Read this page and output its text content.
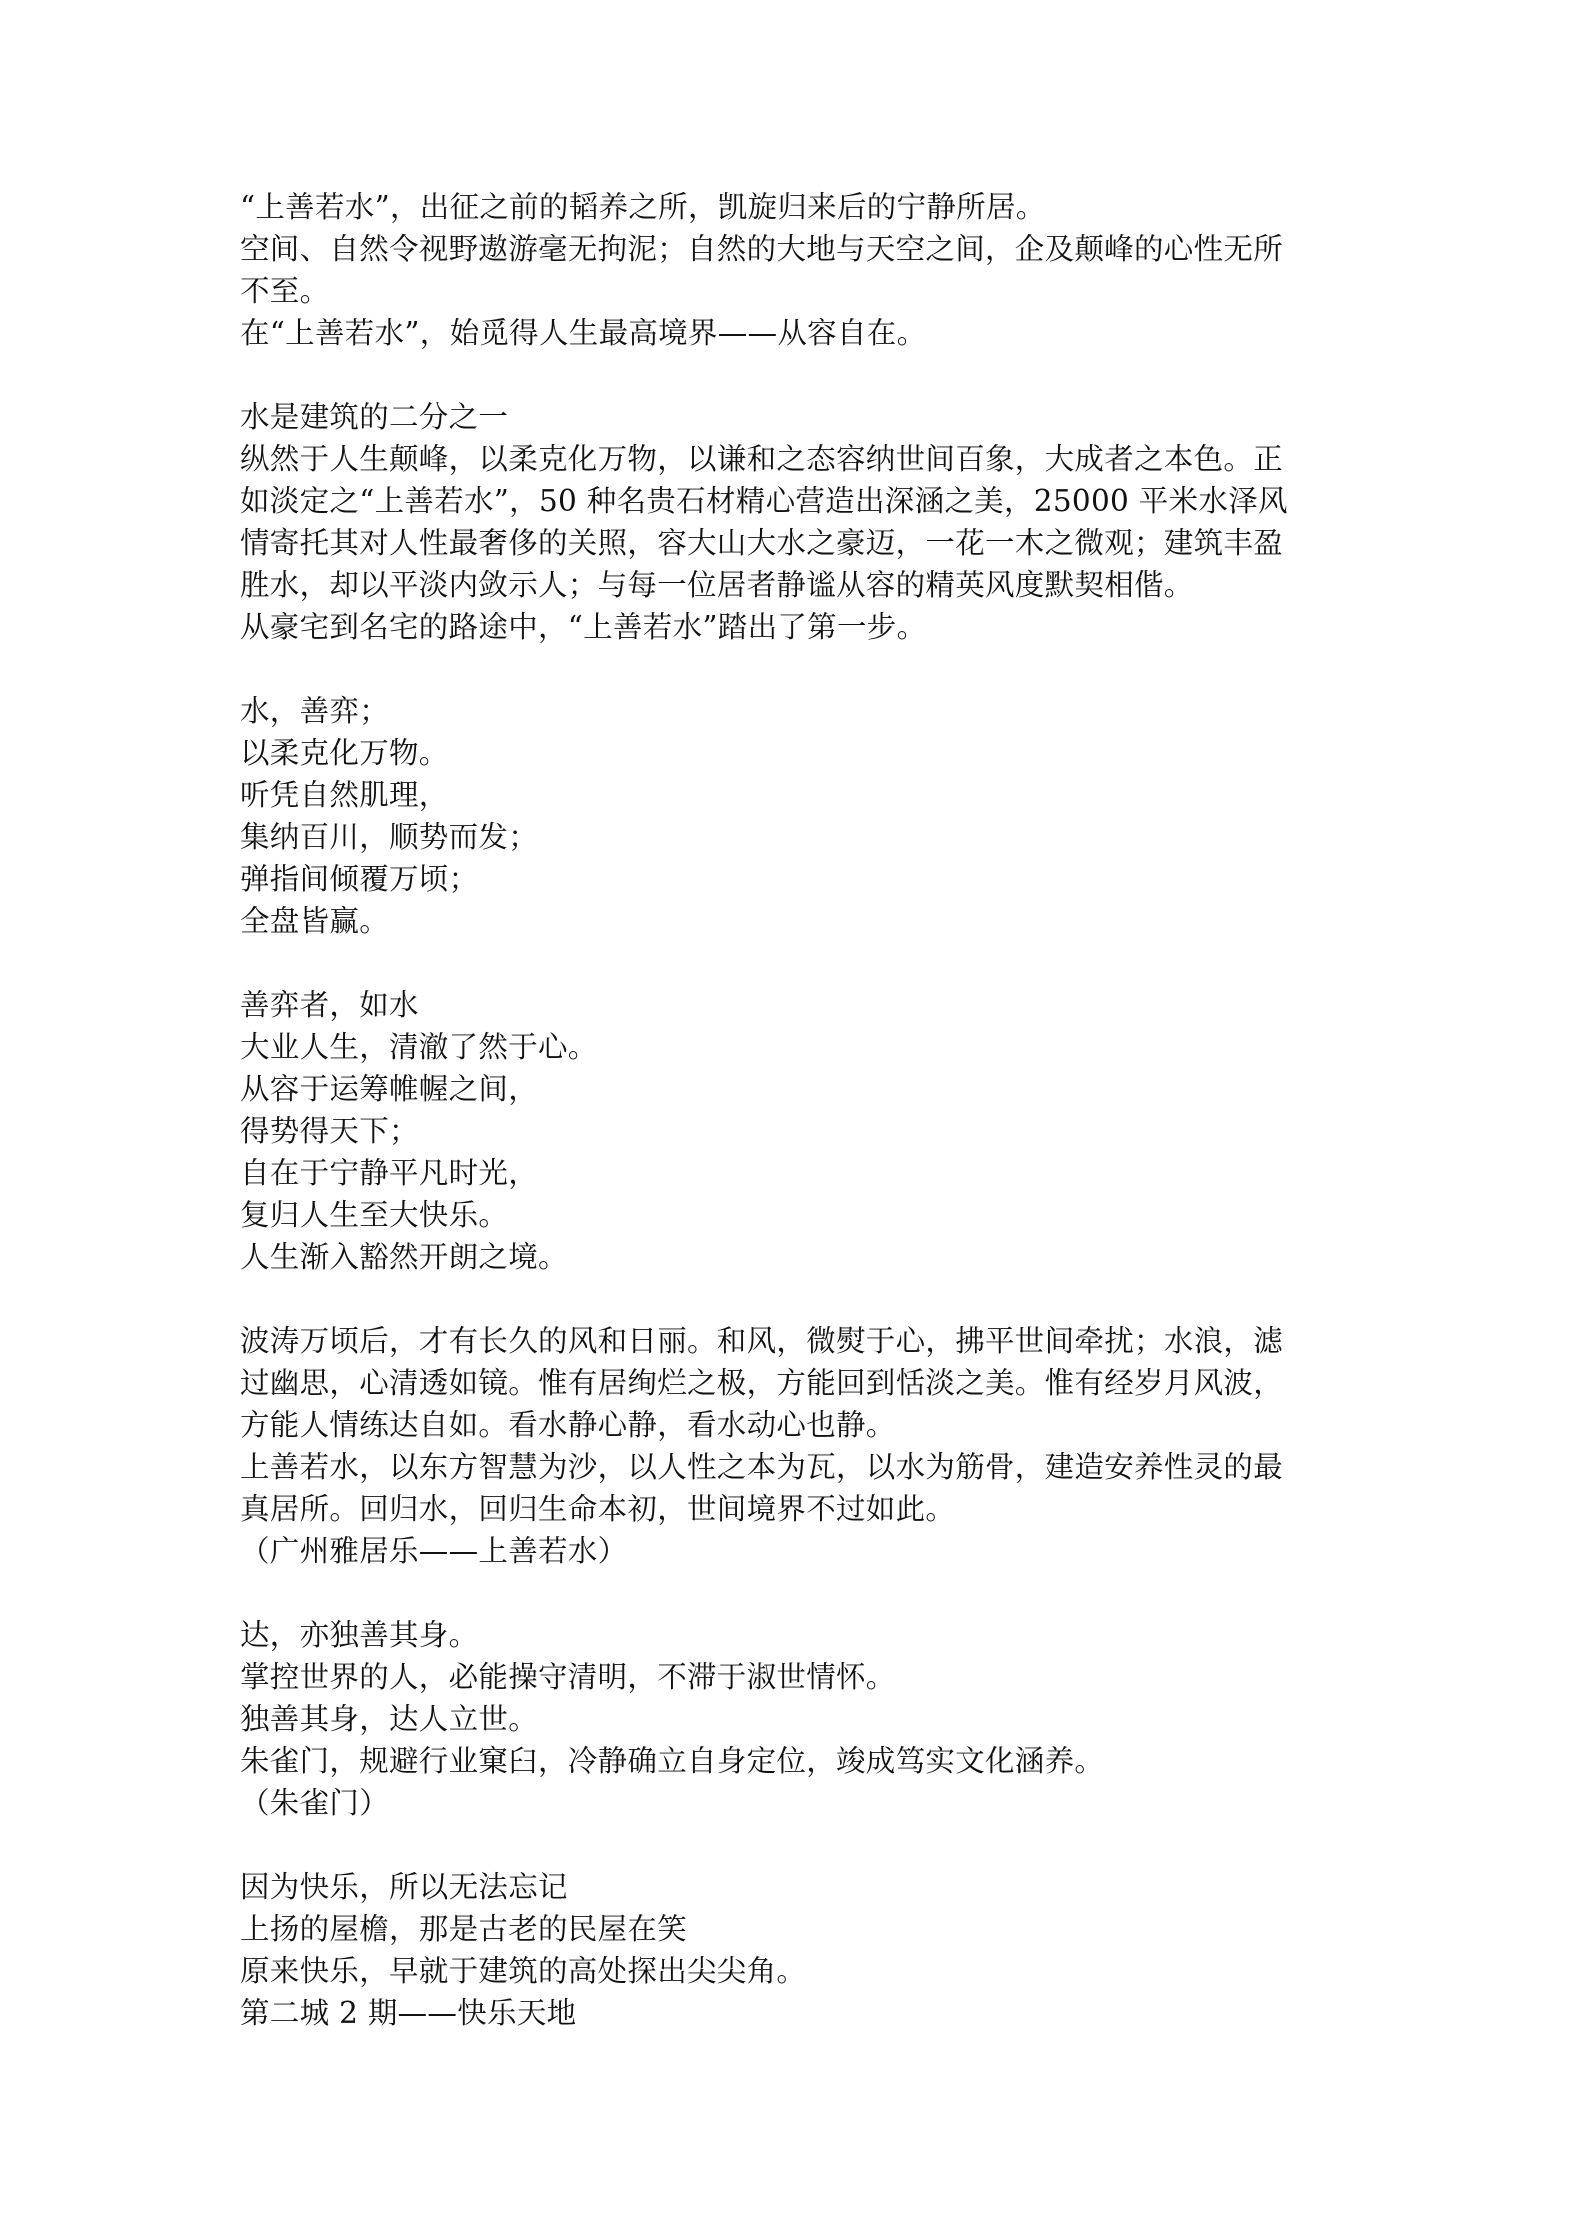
“上善若水”，出征之前的韬养之所，凯旋归来后的宁静所居。
空间、自然令视野遨游毫无拘泥；自然的大地与天空之间，企及颠峰的心性无所
不至。
在“上善若水”，始觅得人生最高境界——从容自在。
水是建筑的二分之一
纵然于人生颠峰，以柔克化万物，以谦和之态容纳世间百象，大成者之本色。正
如淡定之“上善若水”，50 种名贵石材精心营造出深涵之美，25000 平米水泽风
情寄托其对人性最奢侈的关照，容大山大水之豪迈，一花一木之微观；建筑丰盈
胜水，却以平淡内敛示人；与每一位居者静谧从容的精英风度默契相偕。
从豪宅到名宅的路途中，“上善若水”踏出了第一步。
水，善弈；
以柔克化万物。
听凭自然肌理，
集纳百川，顺势而发；
弹指间倾覆万顷；
全盘皆赢。
善弈者，如水
大业人生，清澈了然于心。
从容于运筹帷幄之间，
得势得天下；
自在于宁静平凡时光，
复归人生至大快乐。
人生渐入豁然开朗之境。
波涛万顷后，才有长久的风和日丽。和风，微熨于心，拂平世间牵扰；水浪，滤
过幽思，心清透如镜。惟有居绚烂之极，方能回到恬淡之美。惟有经岁月风波，
方能人情练达自如。看水静心静，看水动心也静。
上善若水，以东方智慧为沙，以人性之本为瓦，以水为筋骨，建造安养性灵的最
真居所。回归水，回归生命本初，世间境界不过如此。
（广州雅居乐——上善若水）
达，亦独善其身。
掌控世界的人，必能操守清明，不滞于淑世情怀。
独善其身，达人立世。
朱雀门，规避行业窠臼，冷静确立自身定位，竣成笃实文化涵养。
（朱雀门）
因为快乐，所以无法忘记
上扬的屋檐，那是古老的民屋在笑
原来快乐，早就于建筑的高处探出尖尖角。
第二城 2 期——快乐天地
